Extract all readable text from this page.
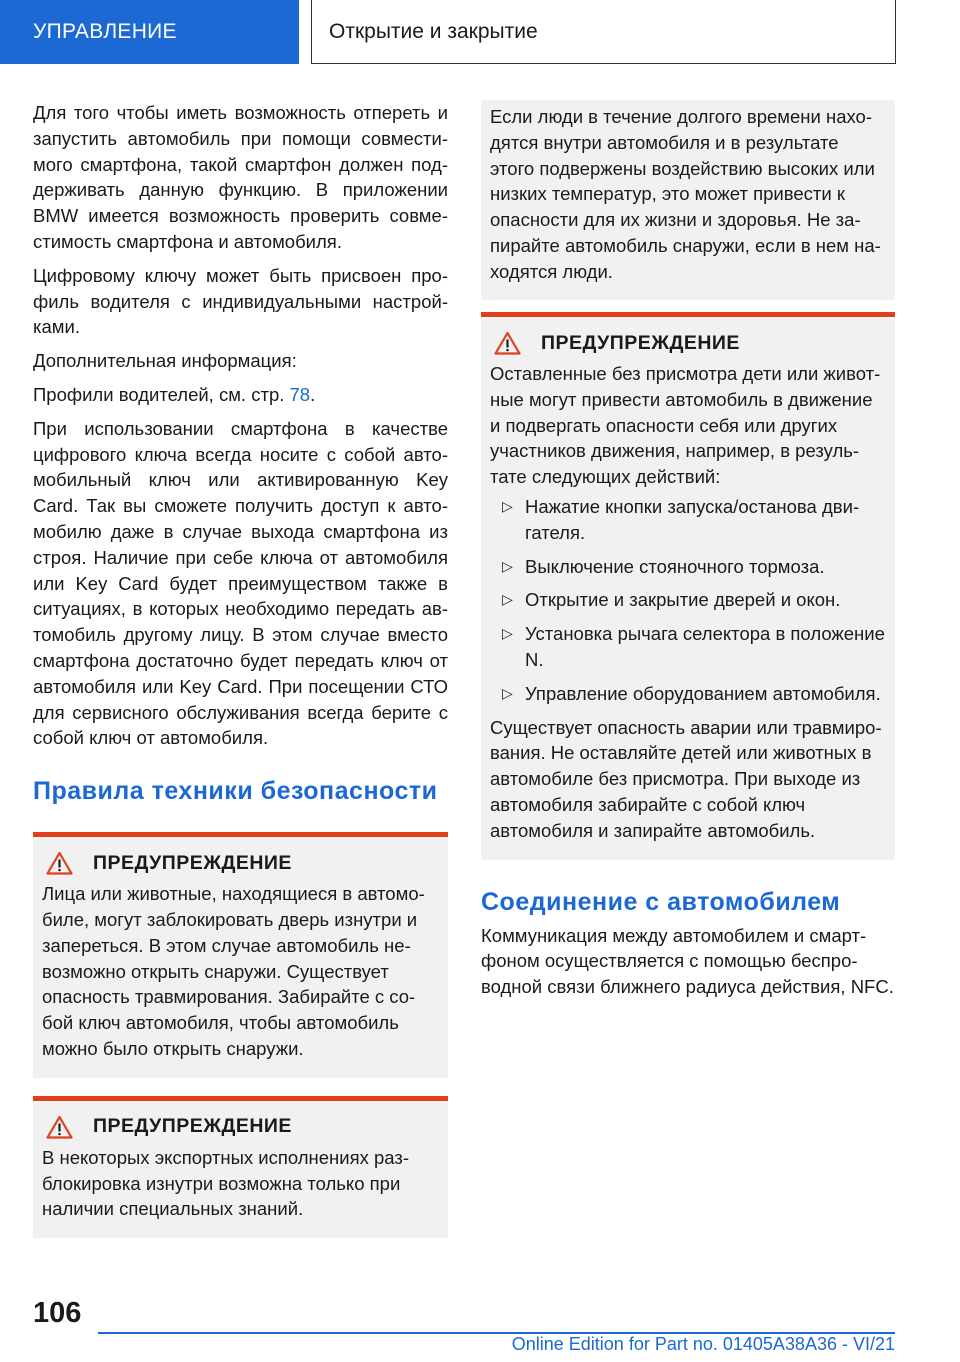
УПРАВЛЕНИЕ	Открытие и закрытие

Для того чтобы иметь возможность отпереть и запустить автомобиль при помощи совместимого смартфона, такой смартфон должен поддерживать данную функцию. В приложении BMW имеется возможность проверить совместимость смартфона и автомобиля.

Цифровому ключу может быть присвоен профиль водителя с индивидуальными настройками.

Дополнительная информация:

Профили водителей, см. стр. 78.

При использовании смартфона в качестве цифрового ключа всегда носите с собой автомобильный ключ или активированную Key Card. Так вы сможете получить доступ к автомобилю даже в случае выхода смартфона из строя. Наличие при себе ключа от автомобиля или Key Card будет преимуществом также в ситуациях, в которых необходимо передать автомобиль другому лицу. В этом случае вместо смартфона достаточно будет передать ключ от автомобиля или Key Card. При посещении СТО для сервисного обслуживания всегда берите с собой ключ от автомобиля.

Правила техники безопасности
ПРЕДУПРЕЖДЕНИЕ

Лица или животные, находящиеся в автомобиле, могут заблокировать дверь изнутри и запереться. В этом случае автомобиль невозможно открыть снаружи. Существует опасность травмирования. Забирайте с собой ключ автомобиля, чтобы автомобиль можно было открыть снаружи.

ПРЕДУПРЕЖДЕНИЕ

В некоторых экспортных исполнениях разблокировка изнутри возможна только при наличии специальных знаний.

Если люди в течение долгого времени находятся внутри автомобиля и в результате этого подвержены воздействию высоких или низких температур, это может привести к опасности для их жизни и здоровья. Не запирайте автомобиль снаружи, если в нем находятся люди.

ПРЕДУПРЕЖДЕНИЕ

Оставленные без присмотра дети или животные могут привести автомобиль в движение и подвергать опасности себя или других участников движения, например, в результате следующих действий:

▷ Нажатие кнопки запуска/останова двигателя.
▷ Выключение стояночного тормоза.
▷ Открытие и закрытие дверей и окон.
▷ Установка рычага селектора в положение N.
▷ Управление оборудованием автомобиля.

Существует опасность аварии или травмирования. Не оставляйте детей или животных в автомобиле без присмотра. При выходе из автомобиля забирайте с собой ключ автомобиля и запирайте автомобиль.

Соединение с автомобилем

Коммуникация между автомобилем и смартфоном осуществляется с помощью беспроводной связи ближнего радиуса действия, NFC.

106
Online Edition for Part no. 01405A38A36 - VI/21
